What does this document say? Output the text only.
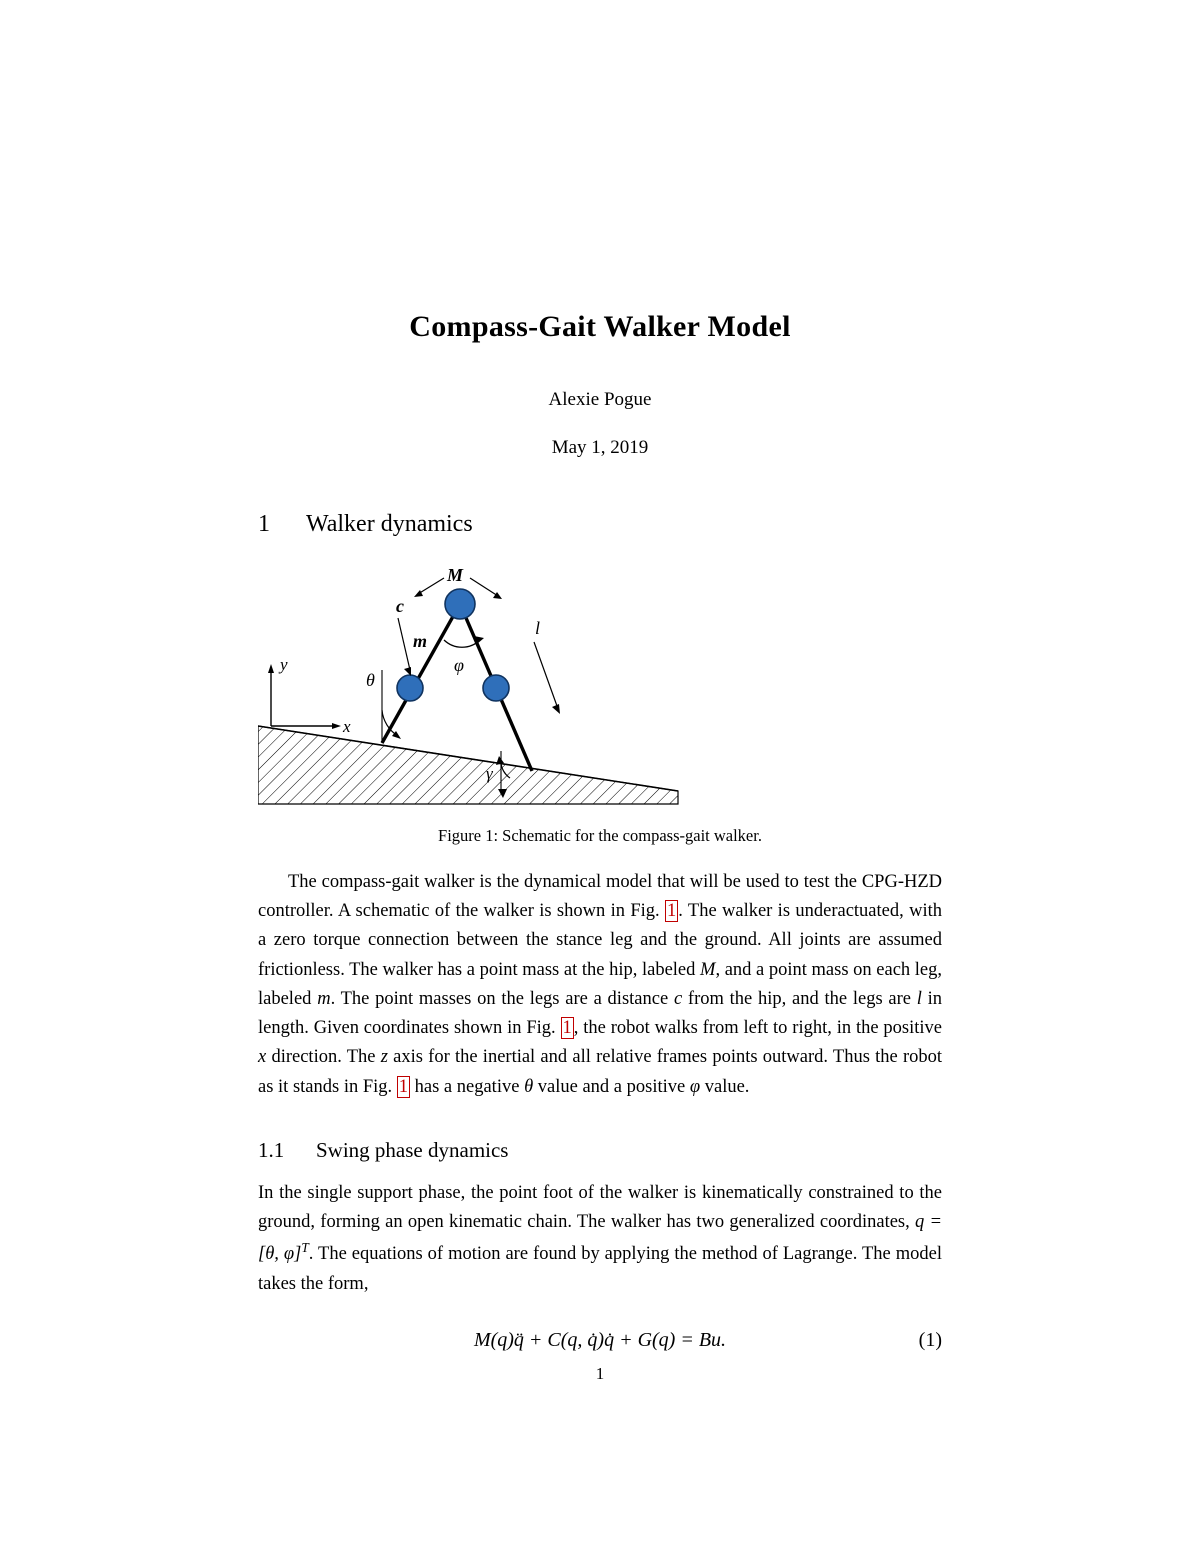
Compass-Gait Walker Model
Alexie Pogue
May 1, 2019
1	Walker dynamics
y
x
M
c
l
m
φ
θ
γ
Figure 1: Schematic for the compass-gait walker.

The compass-gait walker is the dynamical model that will be used to test the CPG-HZD controller. A schematic of the walker is shown in Fig. 1 . The walker is underactuated, with a zero torque connection between the stance leg and the ground. All joints are assumed frictionless. The walker has a point mass at the hip, labeled M, and a point mass on each leg, labeled m. The point masses on the legs are a distance c from the hip, and the legs are l in length. Given coordinates shown in Fig. 1 , the robot walks from left to right, in the positive x direction. The z axis for the inertial and all relative frames points outward. Thus the robot as it stands in Fig. 1 has a negative θ value and a positive φ value.

1.1	Swing phase dynamics

In the single support phase, the point foot of the walker is kinematically constrained to the ground, forming an open kinematic chain. The walker has two generalized coordinates, q = [θ, φ]$^T$. The equations of motion are found by applying the method of Lagrange. The model takes the form,

M(q)q̈ + C(q, q̇)q̇ + G(q) = Bu.	(1)
1
